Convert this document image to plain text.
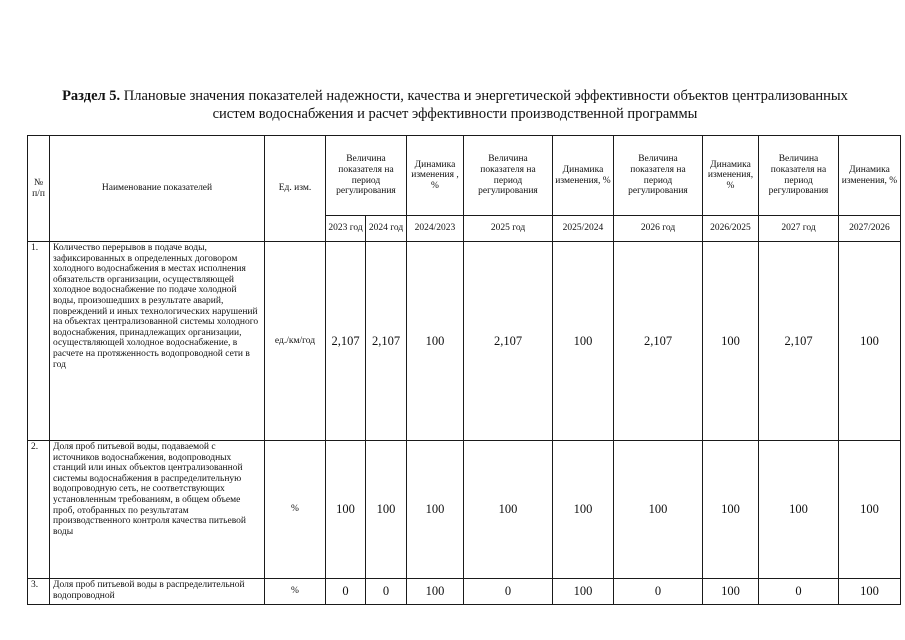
Раздел 5. Плановые значения показателей надежности, качества и энергетической эффективности объектов централизованных систем водоснабжения и расчет эффективности производственной программы
№ п/п	Наименование показателей	Ед. изм.	Величина показателя на период регулирования		Динамика изменения , %	Величина показателя на период регулирования	Динамика изменения, %	Величина показателя на период регулирования	Динамика изменения, %	Величина показателя на период регулирования	Динамика изменения, %
			2023 год	2024 год	2024/2023	2025 год	2025/2024	2026 год	2026/2025	2027 год	2027/2026
1.	Количество перерывов в подаче воды, зафиксированных в определенных договором холодного водоснабжения в местах исполнения обязательств организации, осуществляющей холодное водоснабжение по подаче холодной воды, произошедших в результате аварий, повреждений и иных технологических нарушений на объектах централизованной системы холодного водоснабжения, принадлежащих организации, осуществляющей холодное водоснабжение, в расчете на протяженность водопроводной сети в год	ед./км/год	2,107	2,107	100	2,107	100	2,107	100	2,107	100
2.	Доля проб питьевой воды, подаваемой с источников водоснабжения, водопроводных станций или иных объектов централизованной системы водоснабжения в распределительную водопроводную сеть, не соответствующих установленным требованиям, в общем объеме проб, отобранных по результатам производственного контроля качества питьевой воды	%	100	100	100	100	100	100	100	100	100
3.	Доля проб питьевой воды в распределительной водопроводной	%	0	0	100	0	100	0	100	0	100
